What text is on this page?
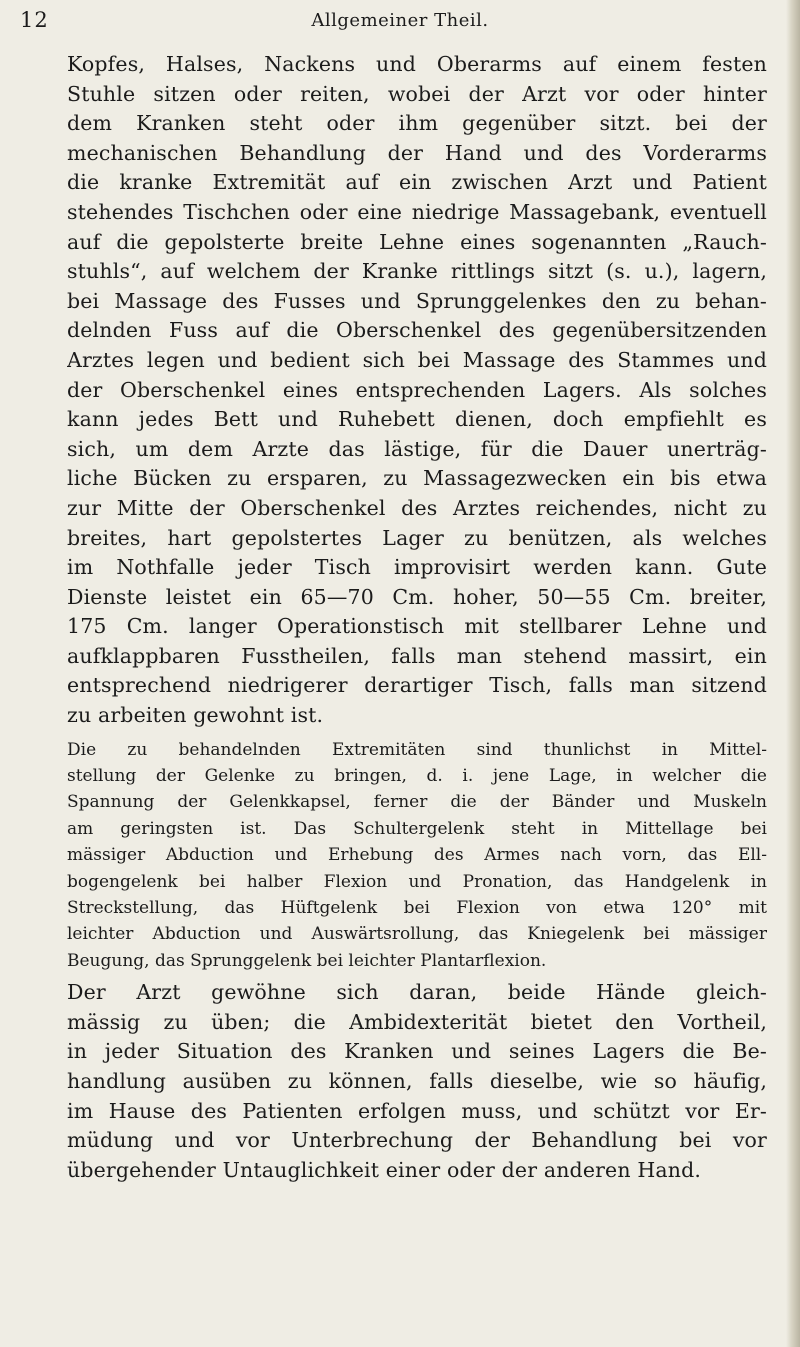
12	Allgemeiner Theil.
Kopfes, Halses, Nackens und Oberarms auf einem festen
Stuhle sitzen oder reiten, wobei der Arzt vor oder hinter
dem Kranken steht oder ihm gegenüber sitzt. bei der
mechanischen Behandlung der Hand und des Vorderarms
die kranke Extremität auf ein zwischen Arzt und Patient
stehendes Tischchen oder eine niedrige Massagebank, eventuell
auf die gepolsterte breite Lehne eines sogenannten „Rauch-
stuhls“, auf welchem der Kranke rittlings sitzt (s. u.), lagern,
bei Massage des Fusses und Sprunggelenkes den zu behan-
delnden Fuss auf die Oberschenkel des gegenübersitzenden
Arztes legen und bedient sich bei Massage des Stammes und
der Oberschenkel eines entsprechenden Lagers. Als solches
kann jedes Bett und Ruhebett dienen, doch empfiehlt es
sich, um dem Arzte das lästige, für die Dauer unerträg-
liche Bücken zu ersparen, zu Massagezwecken ein bis etwa
zur Mitte der Oberschenkel des Arztes reichendes, nicht zu
breites, hart gepolstertes Lager zu benützen, als welches
im Nothfalle jeder Tisch improvisirt werden kann. Gute
Dienste leistet ein 65—70 Cm. hoher, 50—55 Cm. breiter,
175 Cm. langer Operationstisch mit stellbarer Lehne und
aufklappbaren Fusstheilen, falls man stehend massirt, ein
entsprechend niedrigerer derartiger Tisch, falls man sitzend
zu arbeiten gewohnt ist.
Die zu behandelnden Extremitäten sind thunlichst in Mittel-
stellung der Gelenke zu bringen, d. i. jene Lage, in welcher die
Spannung der Gelenkkapsel, ferner die der Bänder und Muskeln
am geringsten ist. Das Schultergelenk steht in Mittellage bei
mässiger Abduction und Erhebung des Armes nach vorn, das Ell-
bogengelenk bei halber Flexion und Pronation, das Handgelenk in
Streckstellung, das Hüftgelenk bei Flexion von etwa 120° mit
leichter Abduction und Auswärtsrollung, das Kniegelenk bei mässiger
Beugung, das Sprunggelenk bei leichter Plantarflexion.
Der Arzt gewöhne sich daran, beide Hände gleich-
mässig zu üben; die Ambidexterität bietet den Vortheil,
in jeder Situation des Kranken und seines Lagers die Be-
handlung ausüben zu können, falls dieselbe, wie so häufig,
im Hause des Patienten erfolgen muss, und schützt vor Er-
müdung und vor Unterbrechung der Behandlung bei vor
übergehender Untauglichkeit einer oder der anderen Hand.
